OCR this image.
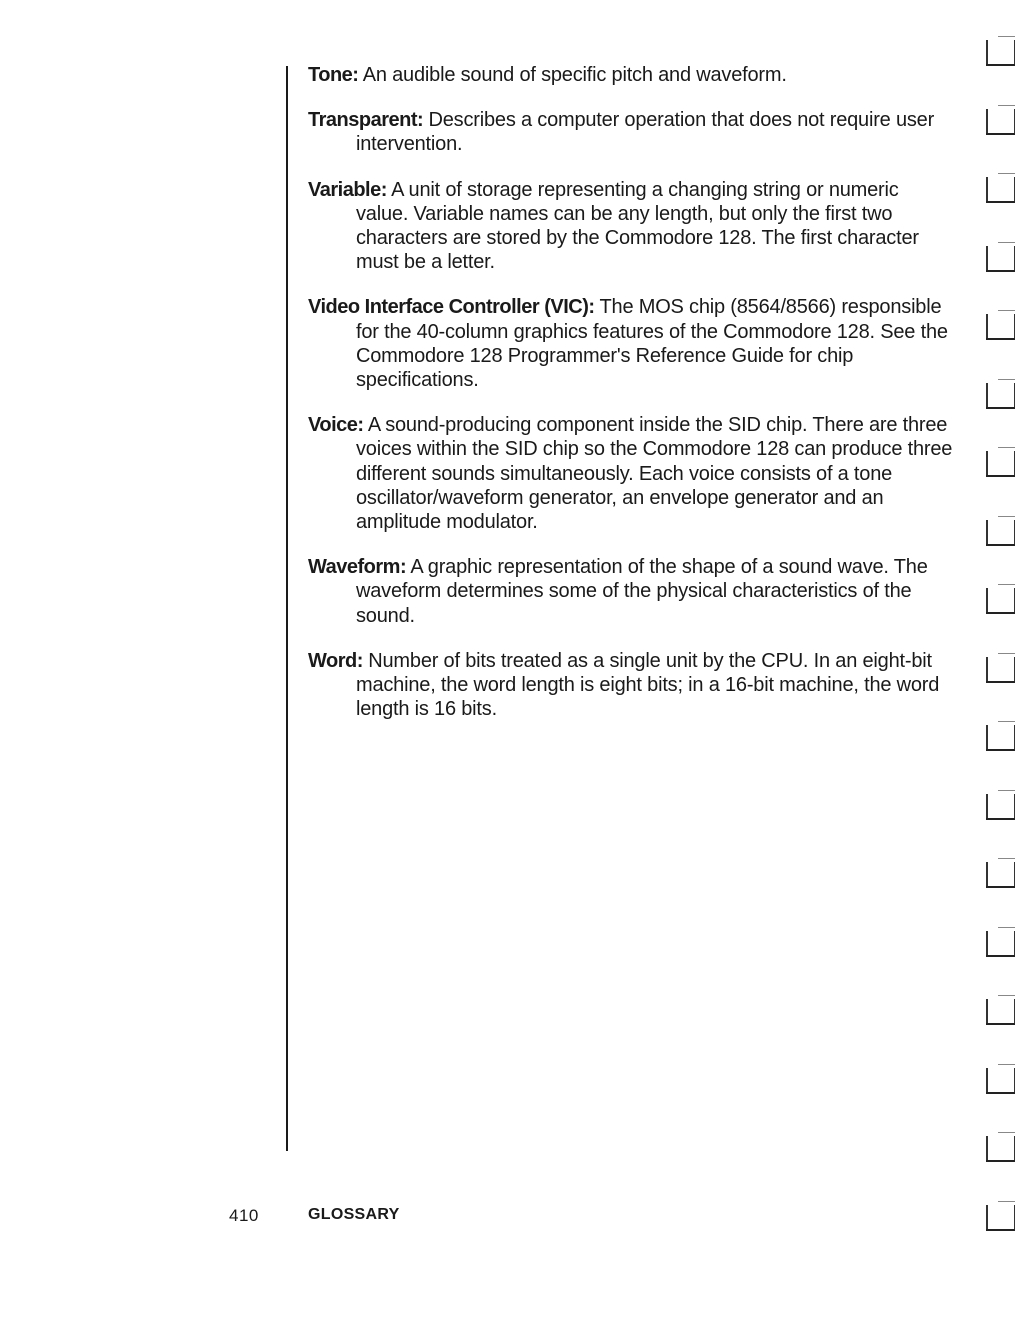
Tone: An audible sound of specific pitch and waveform.

Transparent: Describes a computer operation that does not require user intervention.

Variable: A unit of storage representing a changing string or numeric value. Variable names can be any length, but only the first two characters are stored by the Commodore 128. The first character must be a letter.

Video Interface Controller (VIC): The MOS chip (8564/8566) responsible for the 40-column graphics features of the Commodore 128. See the Commodore 128 Programmer's Reference Guide for chip specifications.

Voice: A sound-producing component inside the SID chip. There are three voices within the SID chip so the Commodore 128 can produce three different sounds simultaneously. Each voice consists of a tone oscillator/waveform generator, an envelope generator and an amplitude modulator.

Waveform: A graphic representation of the shape of a sound wave. The waveform determines some of the physical characteristics of the sound.

Word: Number of bits treated as a single unit by the CPU. In an eight-bit machine, the word length is eight bits; in a 16-bit machine, the word length is 16 bits.

410	GLOSSARY
